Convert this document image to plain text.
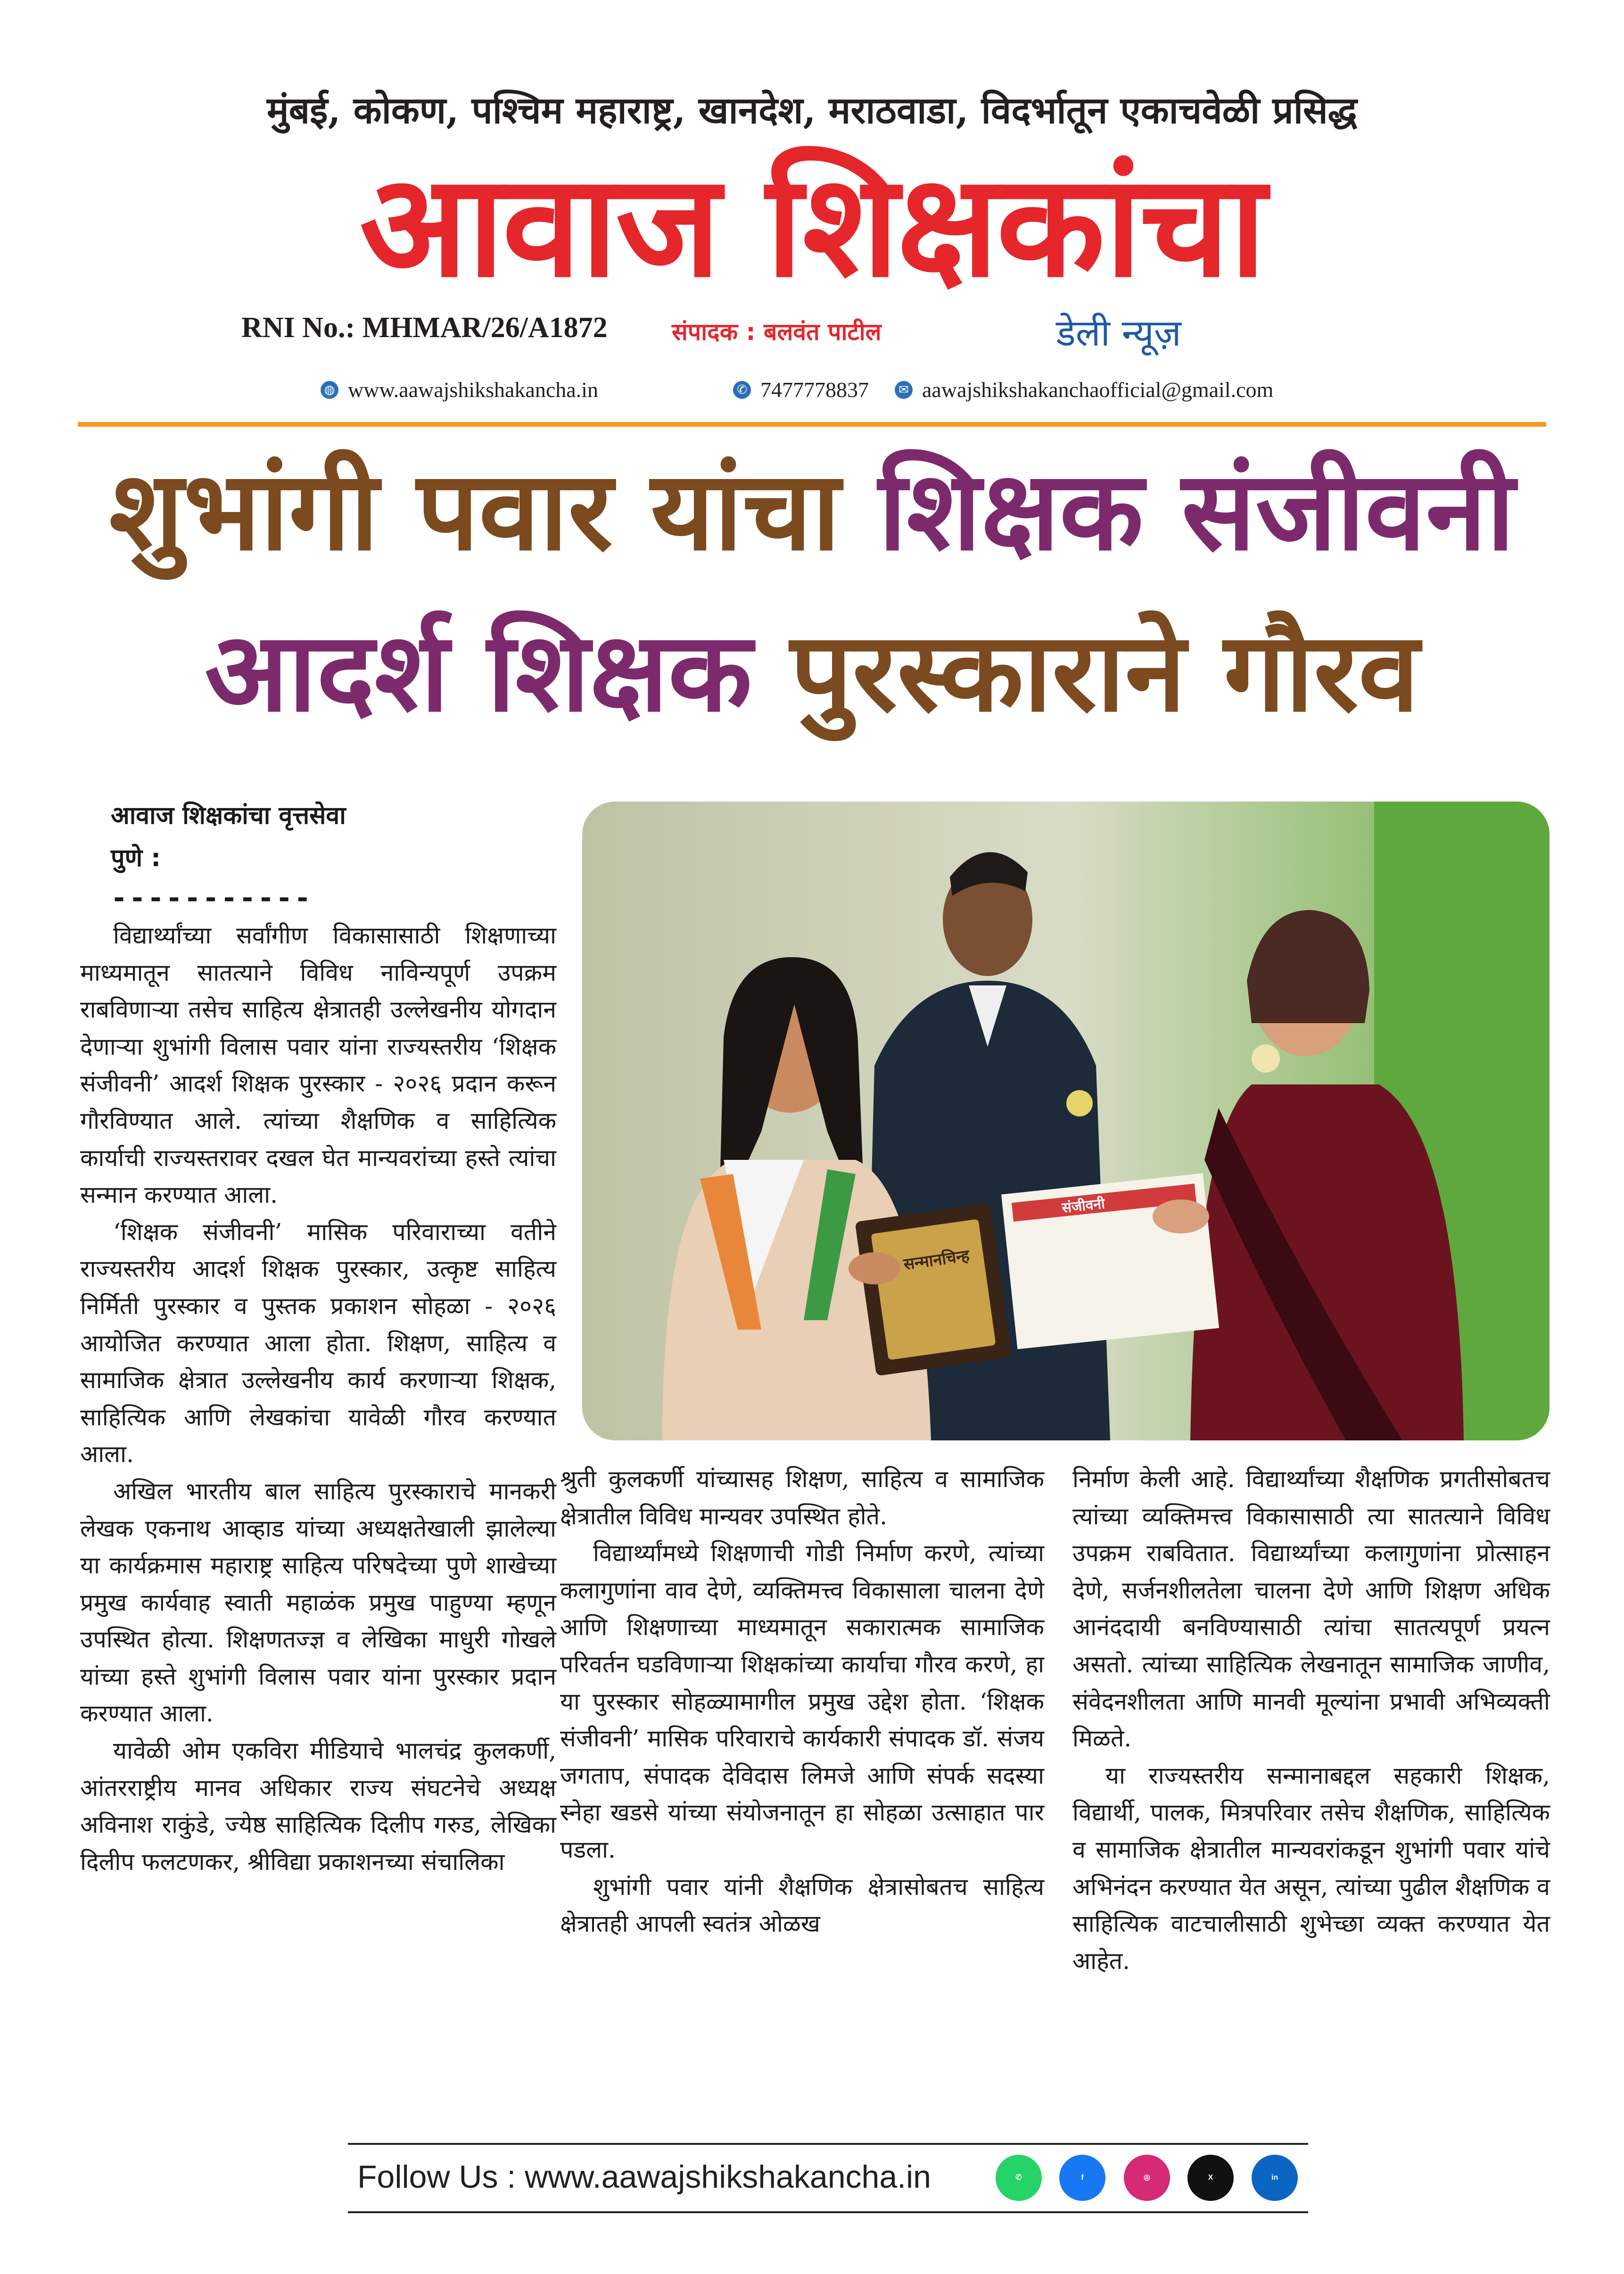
मुंबई, कोकण, पश्चिम महाराष्ट्र, खानदेश, मराठवाडा, विदर्भातून एकाचवेळी प्रसिद्ध
आवाज शिक्षकांचा
RNI No.: MHMAR/26/A1872	संपादक : बलवंत पाटील	डेली न्यूज़
◍ www.aawajshikshakancha.in	✆ 7477778837	✉ aawajshikshakanchaofficial@gmail.com
शुभांगी पवार यांचा शिक्षक संजीवनी
आदर्श शिक्षक पुरस्काराने गौरव
आवाज शिक्षकांचा वृत्तसेवा
पुणे :
-----------
सन्मानचिन्ह
संजीवनी

विद्यार्थ्यांच्या सर्वांगीण विकासासाठी शिक्षणाच्या माध्यमातून सातत्याने विविध नाविन्यपूर्ण उपक्रम राबविणाऱ्या तसेच साहित्य क्षेत्रातही उल्लेखनीय योगदान देणाऱ्या शुभांगी विलास पवार यांना राज्यस्तरीय ‘शिक्षक संजीवनी’ आदर्श शिक्षक पुरस्कार - २०२६ प्रदान करून गौरविण्यात आले. त्यांच्या शैक्षणिक व साहित्यिक कार्याची राज्यस्तरावर दखल घेत मान्यवरांच्या हस्ते त्यांचा सन्मान करण्यात आला.

‘शिक्षक संजीवनी’ मासिक परिवाराच्या वतीने राज्यस्तरीय आदर्श शिक्षक पुरस्कार, उत्कृष्ट साहित्य निर्मिती पुरस्कार व पुस्तक प्रकाशन सोहळा - २०२६ आयोजित करण्यात आला होता. शिक्षण, साहित्य व सामाजिक क्षेत्रात उल्लेखनीय कार्य करणाऱ्या शिक्षक, साहित्यिक आणि लेखकांचा यावेळी गौरव करण्यात आला.

अखिल भारतीय बाल साहित्य पुरस्काराचे मानकरी लेखक एकनाथ आव्हाड यांच्या अध्यक्षतेखाली झालेल्या या कार्यक्रमास महाराष्ट्र साहित्य परिषदेच्या पुणे शाखेच्या प्रमुख कार्यवाह स्वाती महाळंक प्रमुख पाहुण्या म्हणून उपस्थित होत्या. शिक्षणतज्ज्ञ व लेखिका माधुरी गोखले यांच्या हस्ते शुभांगी विलास पवार यांना पुरस्कार प्रदान करण्यात आला.

यावेळी ओम एकविरा मीडियाचे भालचंद्र कुलकर्णी, आंतरराष्ट्रीय मानव अधिकार राज्य संघटनेचे अध्यक्ष अविनाश राकुंडे, ज्येष्ठ साहित्यिक दिलीप गरुड, लेखिका दिलीप फलटणकर, श्रीविद्या प्रकाशनच्या संचालिका

श्रुती कुलकर्णी यांच्यासह शिक्षण, साहित्य व सामाजिक क्षेत्रातील विविध मान्यवर उपस्थित होते.

विद्यार्थ्यांमध्ये शिक्षणाची गोडी निर्माण करणे, त्यांच्या कलागुणांना वाव देणे, व्यक्तिमत्त्व विकासाला चालना देणे आणि शिक्षणाच्या माध्यमातून सकारात्मक सामाजिक परिवर्तन घडविणाऱ्या शिक्षकांच्या कार्याचा गौरव करणे, हा या पुरस्कार सोहळ्यामागील प्रमुख उद्देश होता. ‘शिक्षक संजीवनी’ मासिक परिवाराचे कार्यकारी संपादक डॉ. संजय जगताप, संपादक देविदास लिमजे आणि संपर्क सदस्या स्नेहा खडसे यांच्या संयोजनातून हा सोहळा उत्साहात पार पडला.

शुभांगी पवार यांनी शैक्षणिक क्षेत्रासोबतच साहित्य क्षेत्रातही आपली स्वतंत्र ओळख

निर्माण केली आहे. विद्यार्थ्यांच्या शैक्षणिक प्रगतीसोबतच त्यांच्या व्यक्तिमत्त्व विकासासाठी त्या सातत्याने विविध उपक्रम राबवितात. विद्यार्थ्यांच्या कलागुणांना प्रोत्साहन देणे, सर्जनशीलतेला चालना देणे आणि शिक्षण अधिक आनंददायी बनविण्यासाठी त्यांचा सातत्यपूर्ण प्रयत्न असतो. त्यांच्या साहित्यिक लेखनातून सामाजिक जाणीव, संवेदनशीलता आणि मानवी मूल्यांना प्रभावी अभिव्यक्ती मिळते.

या राज्यस्तरीय सन्मानाबद्दल सहकारी शिक्षक, विद्यार्थी, पालक, मित्रपरिवार तसेच शैक्षणिक, साहित्यिक व सामाजिक क्षेत्रातील मान्यवरांकडून शुभांगी पवार यांचे अभिनंदन करण्यात येत असून, त्यांच्या पुढील शैक्षणिक व साहित्यिक वाटचालीसाठी शुभेच्छा व्यक्त करण्यात येत आहेत.

Follow Us : www.aawajshikshakancha.in	✆	f	◎	X	in
